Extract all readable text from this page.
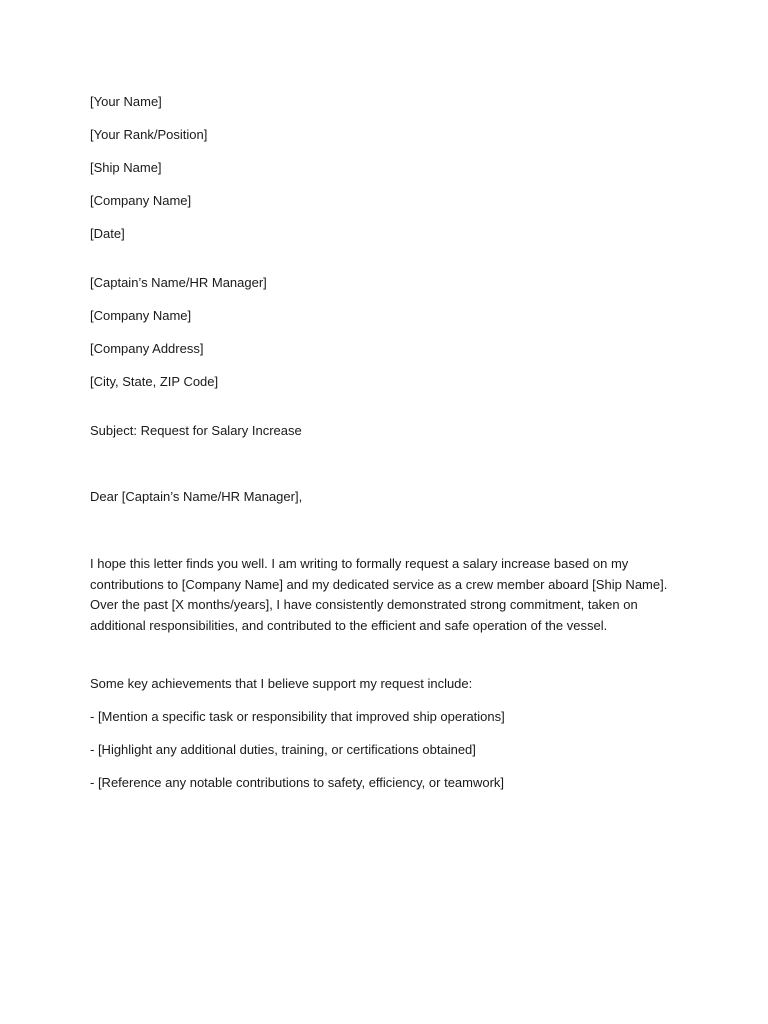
[Your Name]
[Your Rank/Position]
[Ship Name]
[Company Name]
[Date]
[Captain’s Name/HR Manager]
[Company Name]
[Company Address]
[City, State, ZIP Code]
Subject: Request for Salary Increase
Dear [Captain’s Name/HR Manager],

I hope this letter finds you well. I am writing to formally request a salary increase based on my contributions to [Company Name] and my dedicated service as a crew member aboard [Ship Name]. Over the past [X months/years], I have consistently demonstrated strong commitment, taken on additional responsibilities, and contributed to the efficient and safe operation of the vessel.

Some key achievements that I believe support my request include:
- [Mention a specific task or responsibility that improved ship operations]
- [Highlight any additional duties, training, or certifications obtained]
- [Reference any notable contributions to safety, efficiency, or teamwork]
